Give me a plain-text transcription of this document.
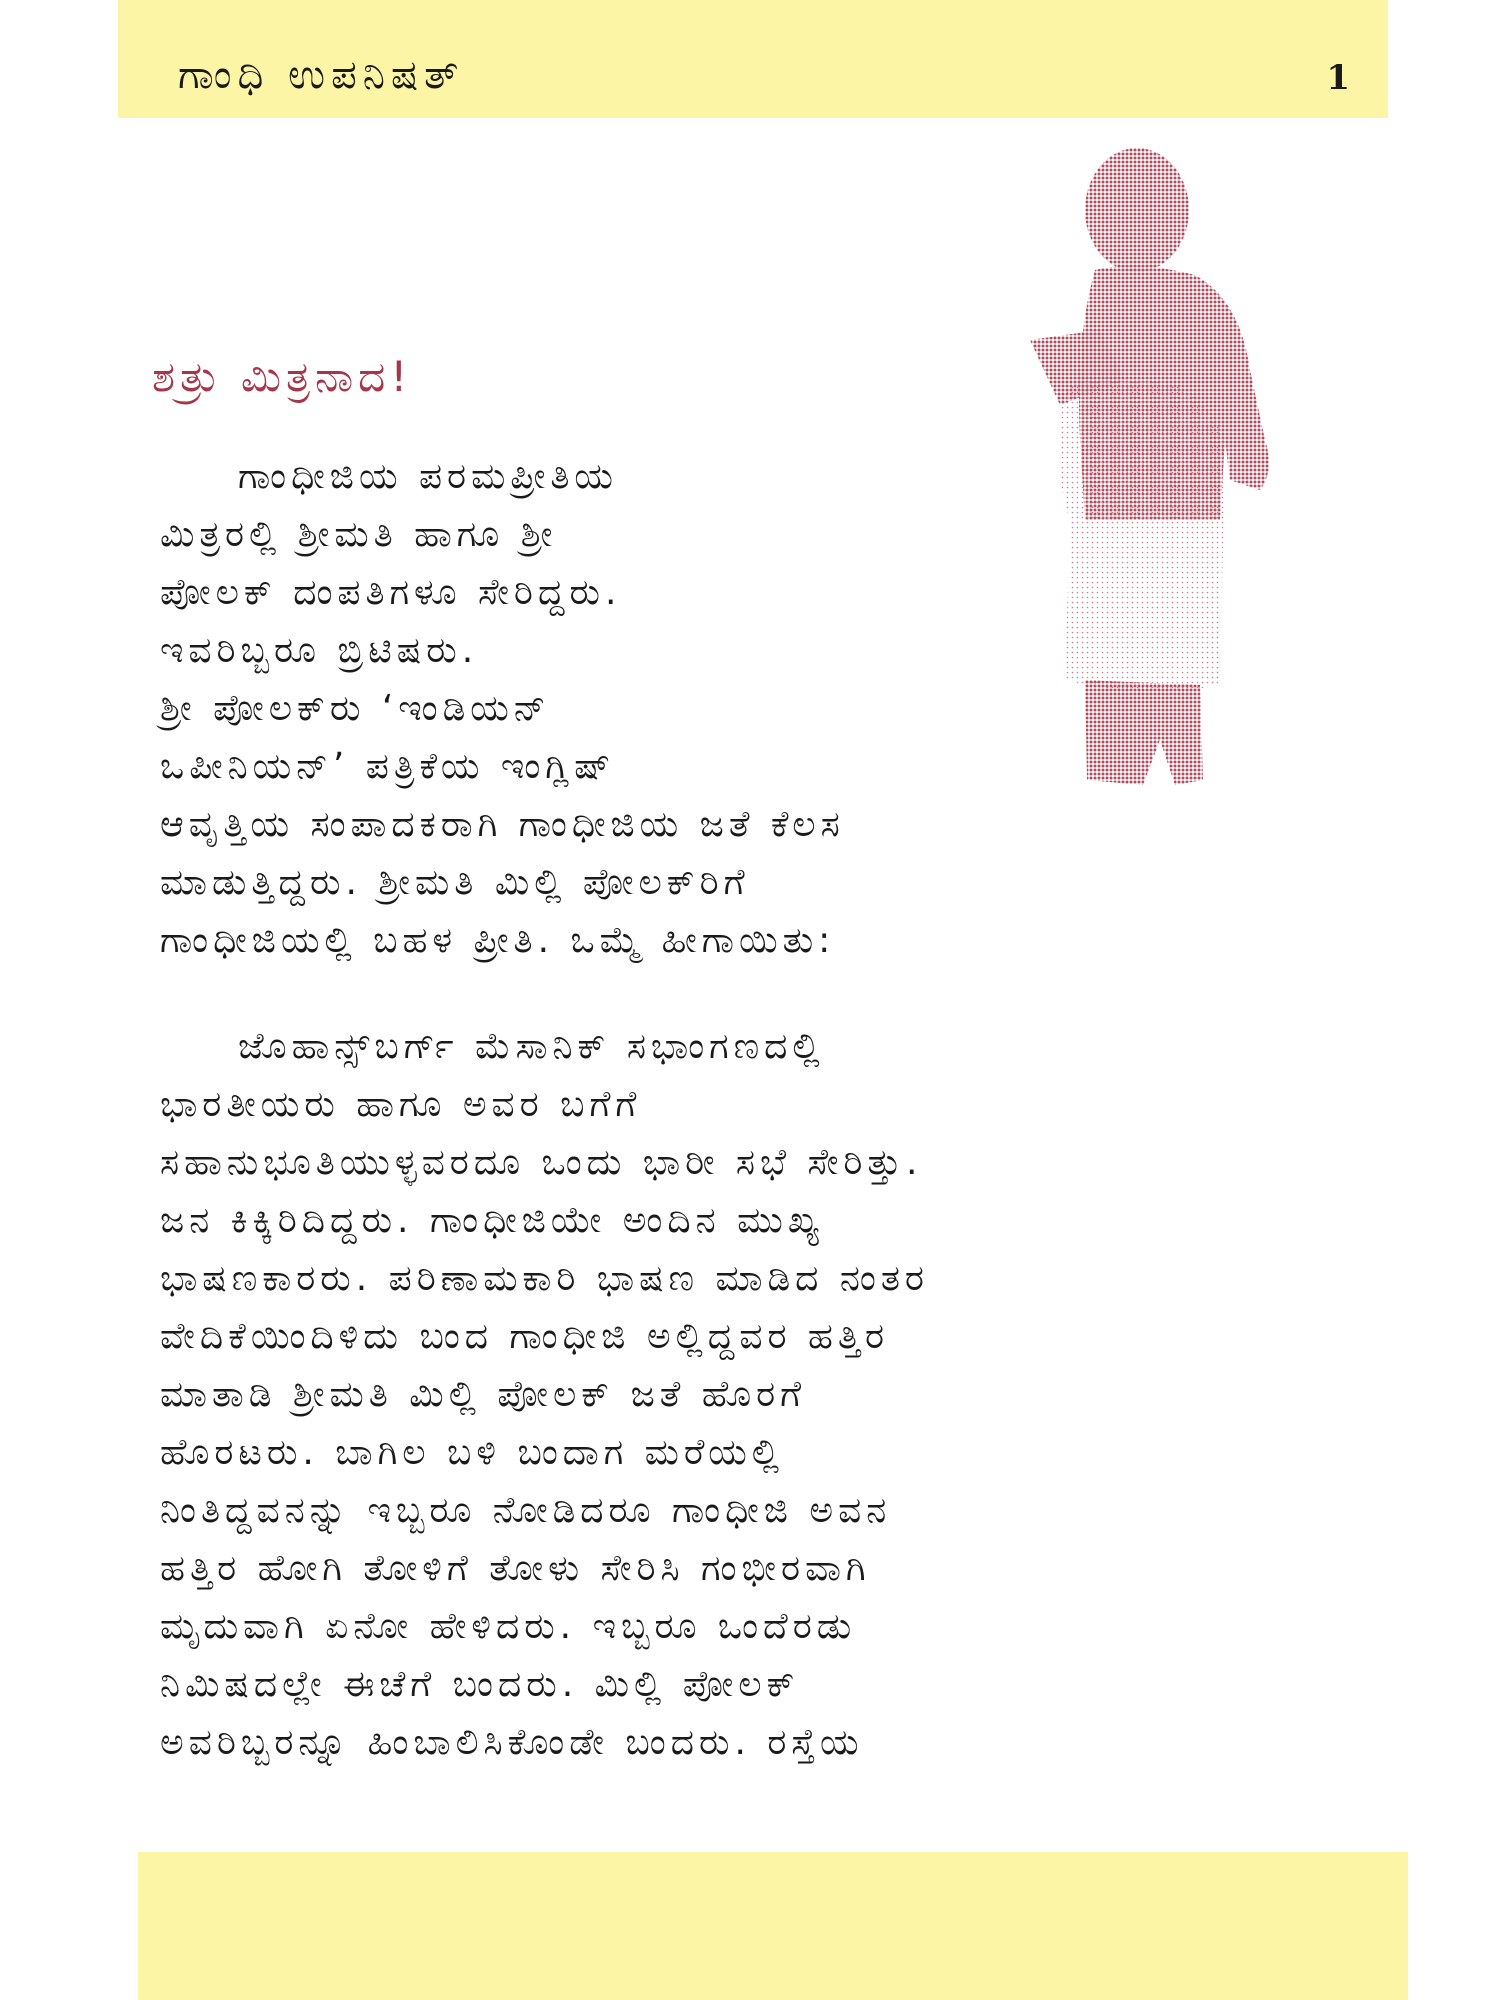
ಗಾಂಧಿ ಉಪನಿಷತ್	1
ಶತ್ರು ಮಿತ್ರನಾದ!

ಗಾಂಧೀಜಿಯ ಪರಮಪ್ರೀತಿಯ
ಮಿತ್ರರಲ್ಲಿ ಶ್ರೀಮತಿ ಹಾಗೂ ಶ್ರೀ
ಪೋಲಕ್ ದಂಪತಿಗಳೂ ಸೇರಿದ್ದರು.
ಇವರಿಬ್ಬರೂ ಬ್ರಿಟಿಷರು.
ಶ್ರೀ ಪೋಲಕ್‌ರು ‘ಇಂಡಿಯನ್
ಒಪೀನಿಯನ್’ ಪತ್ರಿಕೆಯ ಇಂಗ್ಲಿಷ್
ಆವೃತ್ತಿಯ ಸಂಪಾದಕರಾಗಿ ಗಾಂಧೀಜಿಯ ಜತೆ ಕೆಲಸ
ಮಾಡುತ್ತಿದ್ದರು. ಶ್ರೀಮತಿ ಮಿಲ್ಲಿ ಪೋಲಕ್‌ರಿಗೆ
ಗಾಂಧೀಜಿಯಲ್ಲಿ ಬಹಳ ಪ್ರೀತಿ. ಒಮ್ಮೆ ಹೀಗಾಯಿತು:

ಜೊಹಾನ್ಸ್‌ಬರ್ಗ್ ಮೆಸಾನಿಕ್ ಸಭಾಂಗಣದಲ್ಲಿ
ಭಾರತೀಯರು ಹಾಗೂ ಅವರ ಬಗೆಗೆ
ಸಹಾನುಭೂತಿಯುಳ್ಳವರದೂ ಒಂದು ಭಾರೀ ಸಭೆ ಸೇರಿತ್ತು.
ಜನ ಕಿಕ್ಕಿರಿದಿದ್ದರು. ಗಾಂಧೀಜಿಯೇ ಅಂದಿನ ಮುಖ್ಯ
ಭಾಷಣಕಾರರು. ಪರಿಣಾಮಕಾರಿ ಭಾಷಣ ಮಾಡಿದ ನಂತರ
ವೇದಿಕೆಯಿಂದಿಳಿದು ಬಂದ ಗಾಂಧೀಜಿ ಅಲ್ಲಿದ್ದವರ ಹತ್ತಿರ
ಮಾತಾಡಿ ಶ್ರೀಮತಿ ಮಿಲ್ಲಿ ಪೋಲಕ್ ಜತೆ ಹೊರಗೆ
ಹೊರಟರು. ಬಾಗಿಲ ಬಳಿ ಬಂದಾಗ ಮರೆಯಲ್ಲಿ
ನಿಂತಿದ್ದವನನ್ನು ಇಬ್ಬರೂ ನೋಡಿದರೂ ಗಾಂಧೀಜಿ ಅವನ
ಹತ್ತಿರ ಹೋಗಿ ತೋಳಿಗೆ ತೋಳು ಸೇರಿಸಿ ಗಂಭೀರವಾಗಿ
ಮೃದುವಾಗಿ ಏನೋ ಹೇಳಿದರು. ಇಬ್ಬರೂ ಒಂದೆರಡು
ನಿಮಿಷದಲ್ಲೇ ಈಚೆಗೆ ಬಂದರು. ಮಿಲ್ಲಿ ಪೋಲಕ್
ಅವರಿಬ್ಬರನ್ನೂ ಹಿಂಬಾಲಿಸಿಕೊಂಡೇ ಬಂದರು. ರಸ್ತೆಯ
